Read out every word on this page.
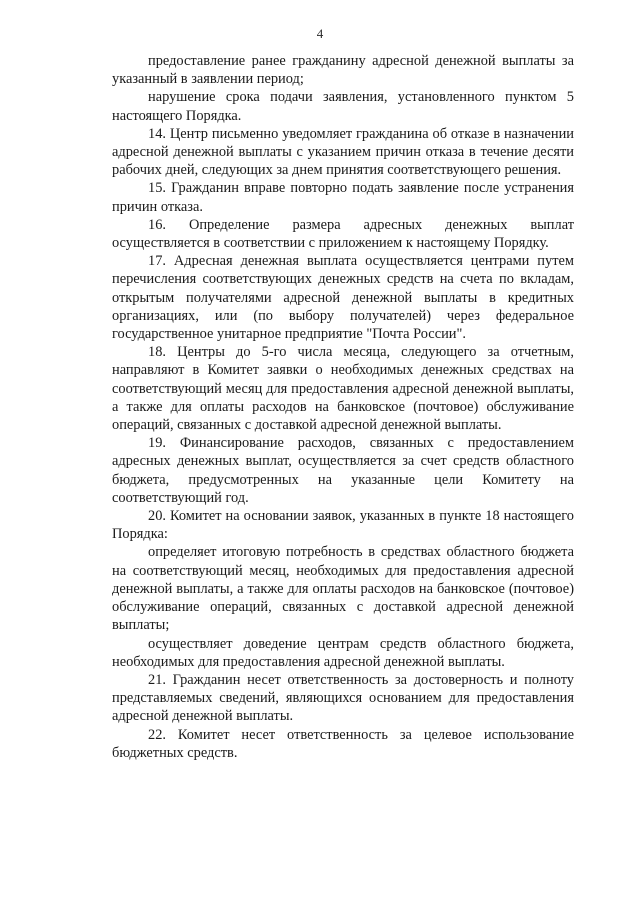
4

предоставление ранее гражданину адресной денежной выплаты за указанный в заявлении период;

нарушение срока подачи заявления, установленного пунктом 5 настоящего Порядка.

14. Центр письменно уведомляет гражданина об отказе в назначении адресной денежной выплаты с указанием причин отказа в течение десяти рабочих дней, следующих за днем принятия соответствующего решения.

15. Гражданин вправе повторно подать заявление после устранения причин отказа.

16. Определение размера адресных денежных выплат осуществляется в соответствии с приложением к настоящему Порядку.

17. Адресная денежная выплата осуществляется центрами путем перечисления соответствующих денежных средств на счета по вкладам, открытым получателями адресной денежной выплаты в кредитных организациях, или (по выбору получателей) через федеральное государственное унитарное предприятие "Почта России".

18. Центры до 5-го числа месяца, следующего за отчетным, направляют в Комитет заявки о необходимых денежных средствах на соответствующий месяц для предоставления адресной денежной выплаты, а также для оплаты расходов на банковское (почтовое) обслуживание операций, связанных с доставкой адресной денежной выплаты.

19. Финансирование расходов, связанных с предоставлением адресных денежных выплат, осуществляется за счет средств областного бюджета, предусмотренных на указанные цели Комитету на соответствующий год.

20. Комитет на основании заявок, указанных в пункте 18 настоящего Порядка:

определяет итоговую потребность в средствах областного бюджета на соответствующий месяц, необходимых для предоставления адресной денежной выплаты, а также для оплаты расходов на банковское (почтовое) обслуживание операций, связанных с доставкой адресной денежной выплаты;

осуществляет доведение центрам средств областного бюджета, необходимых для предоставления адресной денежной выплаты.

21. Гражданин несет ответственность за достоверность и полноту представляемых сведений, являющихся основанием для предоставления адресной денежной выплаты.

22. Комитет несет ответственность за целевое использование бюджетных средств.
